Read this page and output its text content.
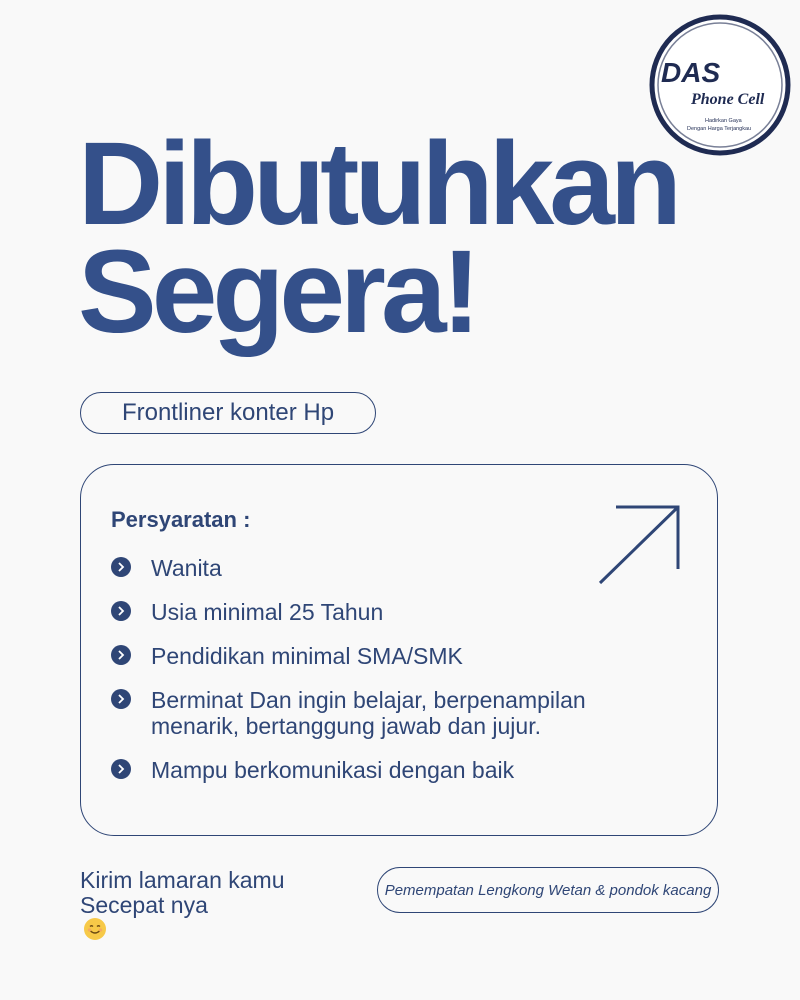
DAS
Phone Cell
Hadirkan Gaya
Dengan Harga Terjangkau
Dibutuhkan
Segera!
Frontliner konter Hp
Persyaratan :
Wanita
Usia minimal 25 Tahun
Pendidikan minimal SMA/SMK
Berminat Dan ingin belajar, berpenampilan menarik, bertanggung jawab dan jujur.
Mampu berkomunikasi dengan baik

Kirim lamaran kamu
Secepat nya

Pemempatan Lengkong Wetan & pondok kacang
